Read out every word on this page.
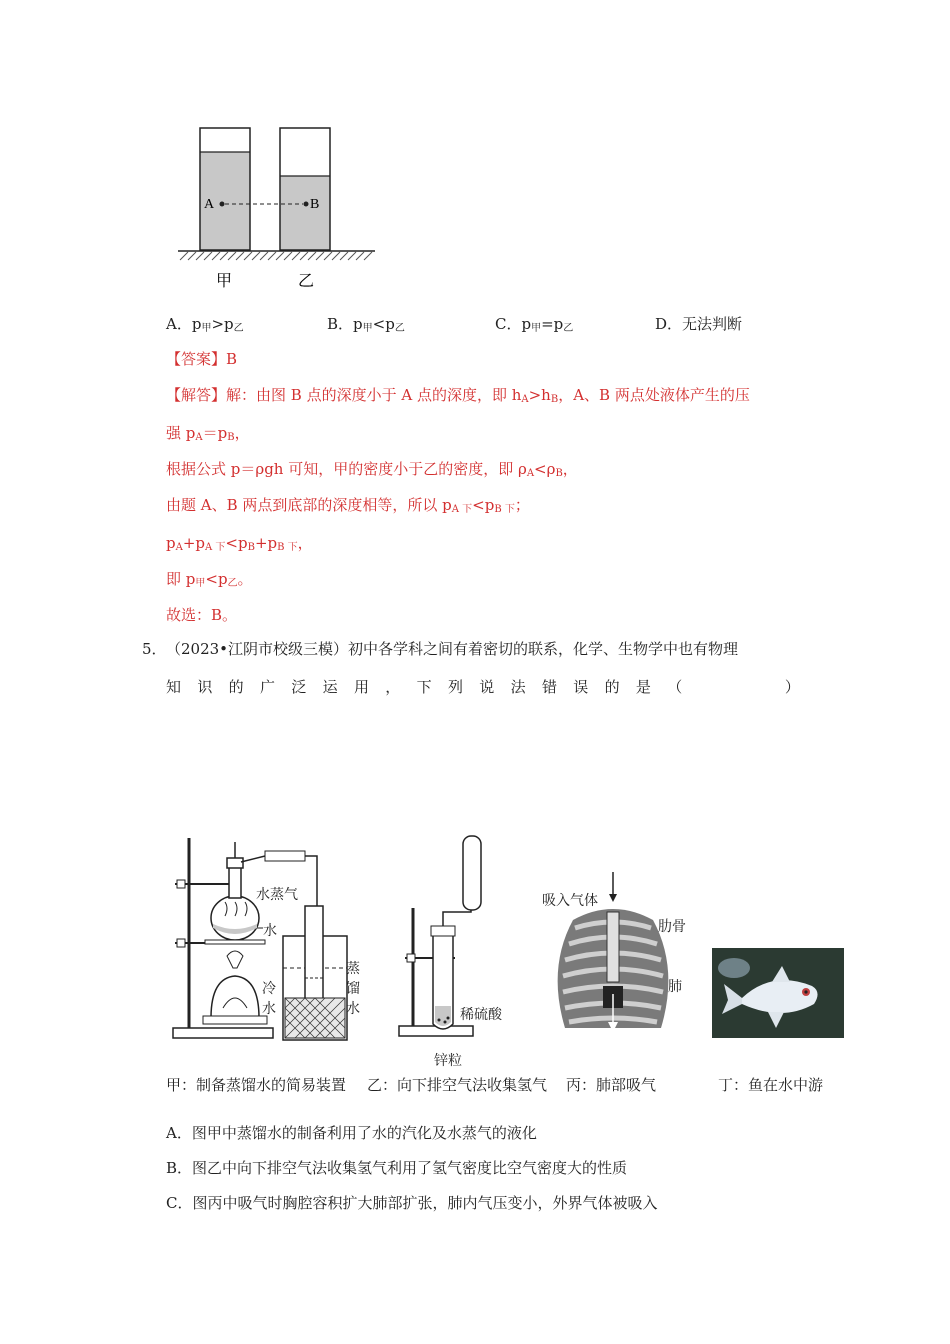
A	B
甲	乙
A．$p_甲>p_乙$	B．$p_甲<p_乙$	C．$p_甲=p_乙$	D．无法判断
【答案】B
【解答】解：由图 B 点的深度小于 A 点的深度，即 $h_A>h_B$，A、B 两点处液体产生的压
强 $p_A=p_B$，
根据公式 p＝ρgh 可知，甲的密度小于乙的密度，即 $\rho_A<\rho_B$，
由题 A、B 两点到底部的深度相等，所以 $p_{A 下}<p_{B 下}$；
$p_A+p_{A 下}<p_B+p_{B 下}$，
即 $p_甲<p_乙$。
故选：B。
5． （2023•江阴市校级三模）初中各学科之间有着密切的联系，化学、生物学中也有物理
知 识 的 广 泛 运 用 ， 下 列 说 法 错 误 的 是 （	）
水蒸气
水
冷
水
蒸
馏
水	稀硫酸
锌粒
吸入气体
肋骨
肺
甲：制备蒸馏水的简易装置 乙：向下排空气法收集氢气 丙：肺部吸气	丁：鱼在水中游
A．图甲中蒸馏水的制备利用了水的汽化及水蒸气的液化
B．图乙中向下排空气法收集氢气利用了氢气密度比空气密度大的性质
C．图丙中吸气时胸腔容积扩大肺部扩张，肺内气压变小，外界气体被吸入
